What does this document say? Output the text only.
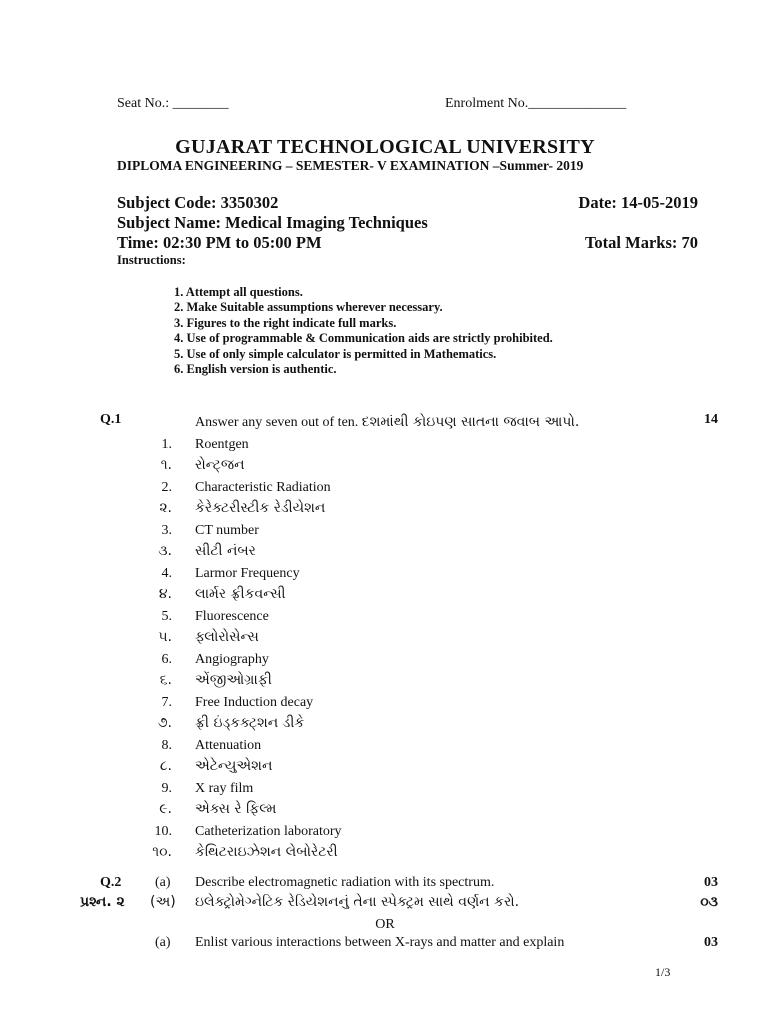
Seat No.: ________	Enrolment No.______________
GUJARAT TECHNOLOGICAL UNIVERSITY
DIPLOMA ENGINEERING – SEMESTER- V EXAMINATION –Summer- 2019
Subject Code: 3350302	Date: 14-05-2019
Subject Name: Medical Imaging Techniques
Time: 02:30 PM to 05:00 PM	Total Marks: 70
Instructions:
1. Attempt all questions.
2. Make Suitable assumptions wherever necessary.
3. Figures to the right indicate full marks.
4. Use of programmable & Communication aids are strictly prohibited.
5. Use of only simple calculator is permitted in Mathematics.
6. English version is authentic.
Q.1	Answer any seven out of ten. દશમાંથી કોઇપણ સાતના જવાબ આપો.	14
1. Roentgen
૧. રોન્ટ્જન
2. Characteristic Radiation
૨. કેરેક્ટરીસ્ટીક રેડીયેશન
3. CT number
૩. સીટી નંબર
4. Larmor Frequency
૪. લાર્મર ફ્રીકવન્સી
5. Fluorescence
૫. ફ્લોરોસેન્સ
6. Angiography
૬. એંજીઓગ્રાફી
7. Free Induction decay
૭. ફ્રી ઇંડ્કક્ટ્શન ડીકે
8. Attenuation
૮. એટેન્યુએશન
9. X ray film
૯. એક્સ રે ફિલ્મ
10. Catheterization laboratory
૧૦. કેથિટરાઇઝેશન લેબોરેટરી
Q.2 (a) Describe electromagnetic radiation with its spectrum.	03
પ્રશ્ન. ૨ (અ) ઇલેક્ટ્રોમેગ્નેટિક રેડિયેશનનું તેના સ્પેક્ટ્રમ સાથે વર્ણન કરો.	૦૩
OR
(a) Enlist various interactions between X-rays and matter and explain	03
1/3
